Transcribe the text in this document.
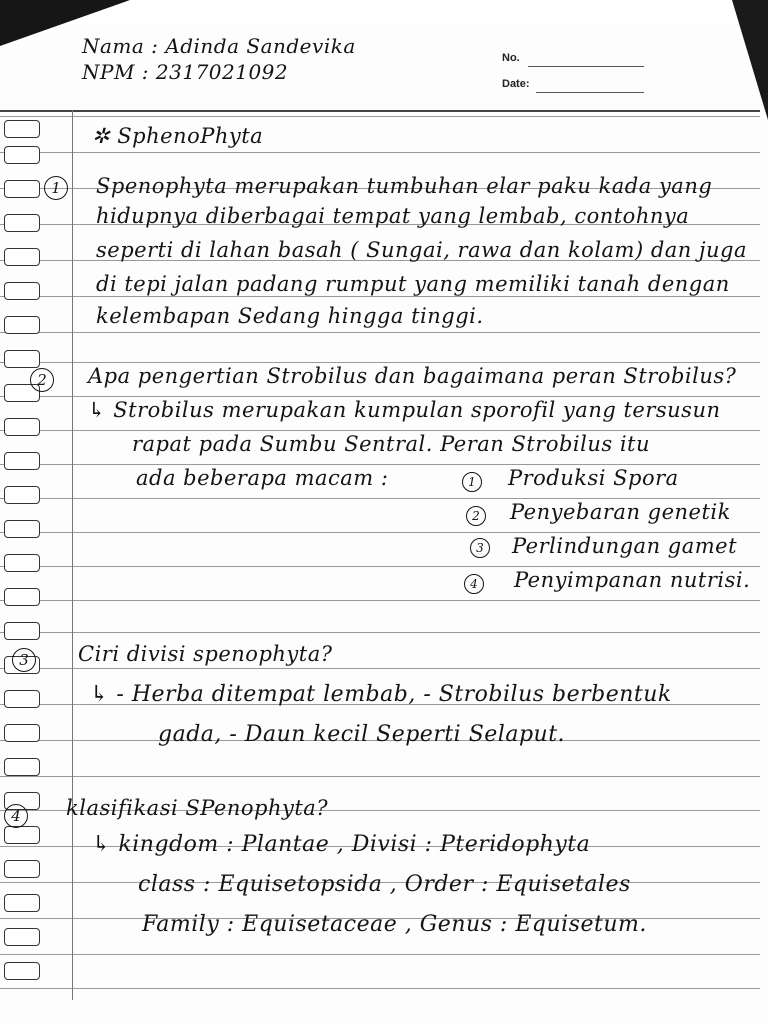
Nama : Adinda Sandevika
NPM : 2317021092
No.
Date:
✲ SphenoPhyta
1	Spenophyta merupakan tumbuhan elar paku kada yang
hidupnya diberbagai tempat yang lembab, contohnya
seperti di lahan basah ( Sungai, rawa dan kolam) dan juga
di tepi jalan padang rumput yang memiliki tanah dengan
kelembapan Sedang hingga tinggi.
2	Apa pengertian Strobilus dan bagaimana peran Strobilus?
↳ Strobilus merupakan kumpulan sporofil yang tersusun
rapat pada Sumbu Sentral. Peran Strobilus itu
ada beberapa macam :	1 Produksi Spora
2 Penyebaran genetik
3 Perlindungan gamet
4 Penyimpanan nutrisi.
3	Ciri divisi spenophyta?
↳ - Herba ditempat lembab, - Strobilus berbentuk
gada, - Daun kecil Seperti Selaput.
4	klasifikasi SPenophyta?
↳ kingdom : Plantae , Divisi : Pteridophyta
class : Equisetopsida , Order : Equisetales
Family : Equisetaceae , Genus : Equisetum.
